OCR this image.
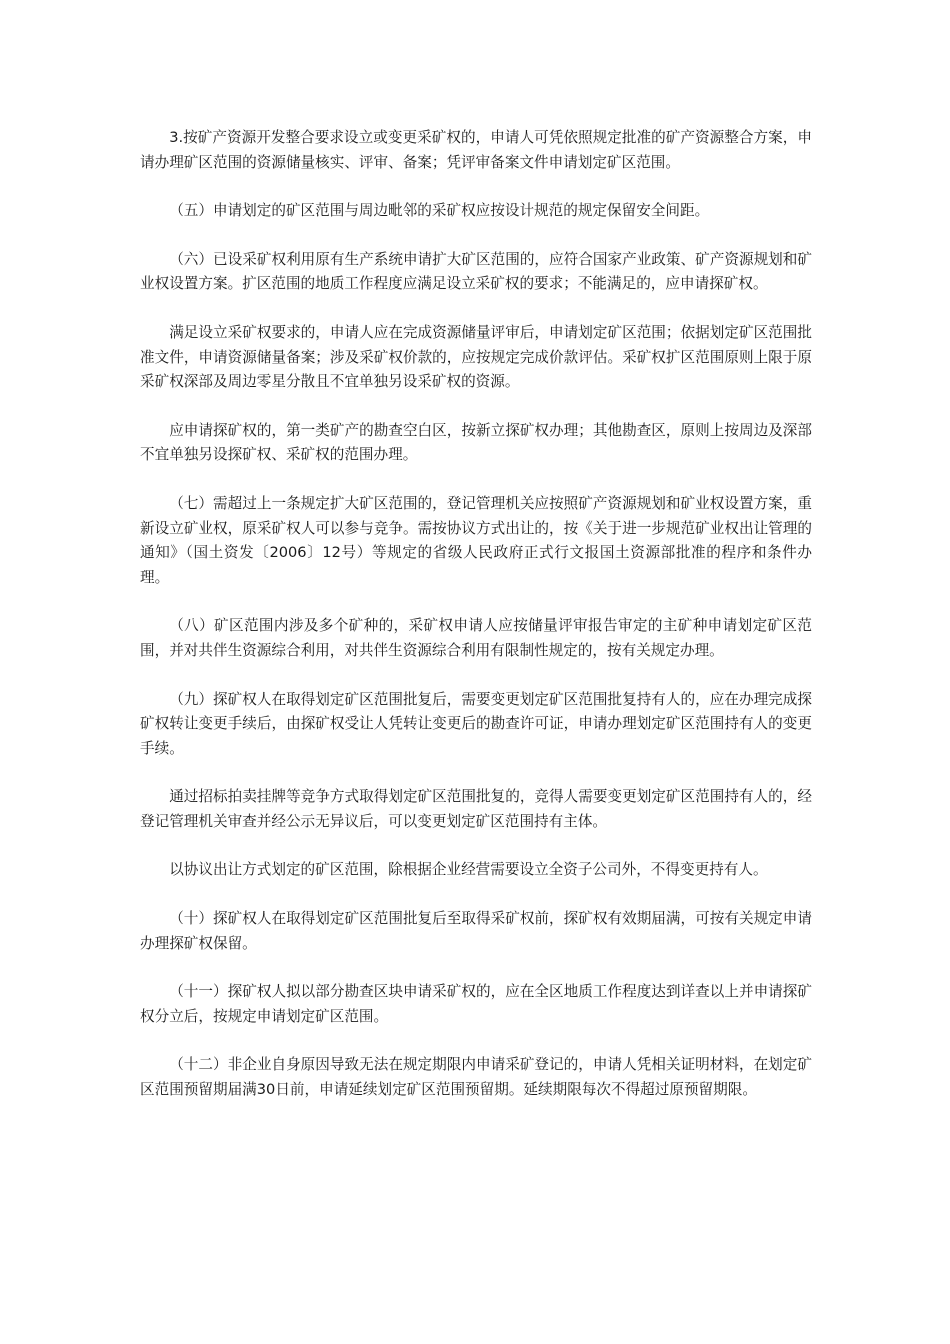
3.按矿产资源开发整合要求设立或变更采矿权的，申请人可凭依照规定批准的矿产资源整合方案，申请办理矿区范围的资源储量核实、评审、备案；凭评审备案文件申请划定矿区范围。

（五）申请划定的矿区范围与周边毗邻的采矿权应按设计规范的规定保留安全间距。

（六）已设采矿权利用原有生产系统申请扩大矿区范围的，应符合国家产业政策、矿产资源规划和矿业权设置方案。扩区范围的地质工作程度应满足设立采矿权的要求；不能满足的，应申请探矿权。

满足设立采矿权要求的，申请人应在完成资源储量评审后，申请划定矿区范围；依据划定矿区范围批准文件，申请资源储量备案；涉及采矿权价款的，应按规定完成价款评估。采矿权扩区范围原则上限于原采矿权深部及周边零星分散且不宜单独另设采矿权的资源。

应申请探矿权的，第一类矿产的勘查空白区，按新立探矿权办理；其他勘查区，原则上按周边及深部不宜单独另设探矿权、采矿权的范围办理。

（七）需超过上一条规定扩大矿区范围的，登记管理机关应按照矿产资源规划和矿业权设置方案，重新设立矿业权，原采矿权人可以参与竞争。需按协议方式出让的，按《关于进一步规范矿业权出让管理的通知》（国土资发〔2006〕12号）等规定的省级人民政府正式行文报国土资源部批准的程序和条件办理。

（八）矿区范围内涉及多个矿种的，采矿权申请人应按储量评审报告审定的主矿种申请划定矿区范围，并对共伴生资源综合利用，对共伴生资源综合利用有限制性规定的，按有关规定办理。

（九）探矿权人在取得划定矿区范围批复后，需要变更划定矿区范围批复持有人的，应在办理完成探矿权转让变更手续后，由探矿权受让人凭转让变更后的勘查许可证，申请办理划定矿区范围持有人的变更手续。

通过招标拍卖挂牌等竞争方式取得划定矿区范围批复的，竞得人需要变更划定矿区范围持有人的，经登记管理机关审查并经公示无异议后，可以变更划定矿区范围持有主体。

以协议出让方式划定的矿区范围，除根据企业经营需要设立全资子公司外，不得变更持有人。

（十）探矿权人在取得划定矿区范围批复后至取得采矿权前，探矿权有效期届满，可按有关规定申请办理探矿权保留。

（十一）探矿权人拟以部分勘查区块申请采矿权的，应在全区地质工作程度达到详查以上并申请探矿权分立后，按规定申请划定矿区范围。

（十二）非企业自身原因导致无法在规定期限内申请采矿登记的，申请人凭相关证明材料，在划定矿区范围预留期届满30日前，申请延续划定矿区范围预留期。延续期限每次不得超过原预留期限。
